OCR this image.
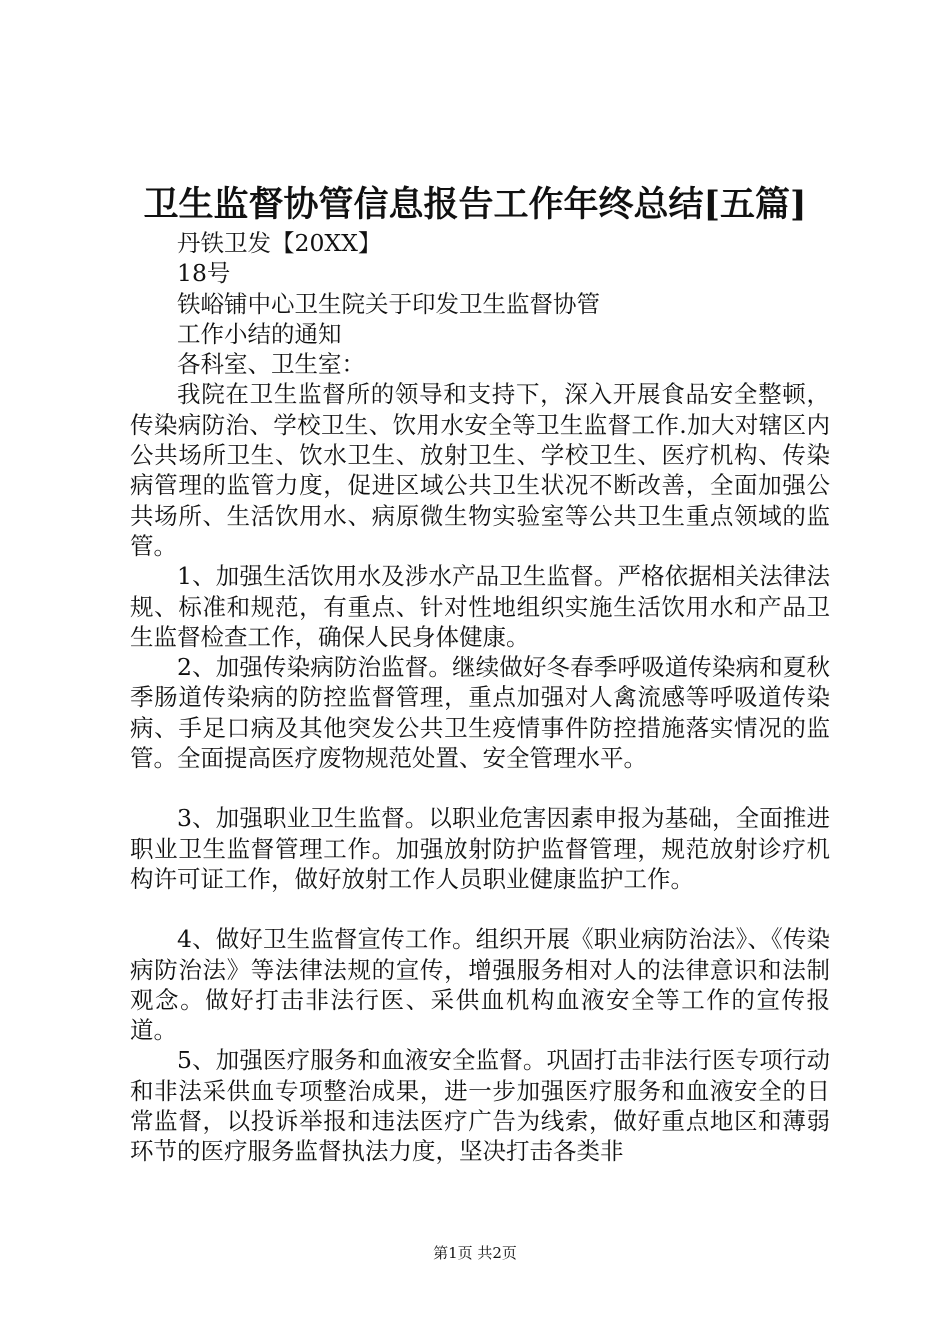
卫生监督协管信息报告工作年终总结[五篇]

丹铁卫发【20XX】

18号

铁峪铺中心卫生院关于印发卫生监督协管

工作小结的通知

各科室、卫生室：

我院在卫生监督所的领导和支持下，深入开展食品安全整顿，传染病防治、学校卫生、饮用水安全等卫生监督工作.加大对辖区内公共场所卫生、饮水卫生、放射卫生、学校卫生、医疗机构、传染病管理的监管力度，促进区域公共卫生状况不断改善，全面加强公共场所、生活饮用水、病原微生物实验室等公共卫生重点领域的监管。

1、加强生活饮用水及涉水产品卫生监督。严格依据相关法律法规、标准和规范，有重点、针对性地组织实施生活饮用水和产品卫生监督检查工作，确保人民身体健康。

2、加强传染病防治监督。继续做好冬春季呼吸道传染病和夏秋季肠道传染病的防控监督管理，重点加强对人禽流感等呼吸道传染病、手足口病及其他突发公共卫生疫情事件防控措施落实情况的监管。全面提高医疗废物规范处置、安全管理水平。

3、加强职业卫生监督。以职业危害因素申报为基础，全面推进职业卫生监督管理工作。加强放射防护监督管理，规范放射诊疗机构许可证工作，做好放射工作人员职业健康监护工作。

4、做好卫生监督宣传工作。组织开展《职业病防治法》、《传染病防治法》等法律法规的宣传，增强服务相对人的法律意识和法制观念。做好打击非法行医、采供血机构血液安全等工作的宣传报道。

5、加强医疗服务和血液安全监督。巩固打击非法行医专项行动和非法采供血专项整治成果，进一步加强医疗服务和血液安全的日常监督，以投诉举报和违法医疗广告为线索，做好重点地区和薄弱环节的医疗服务监督执法力度，坚决打击各类非

第1页 共2页
